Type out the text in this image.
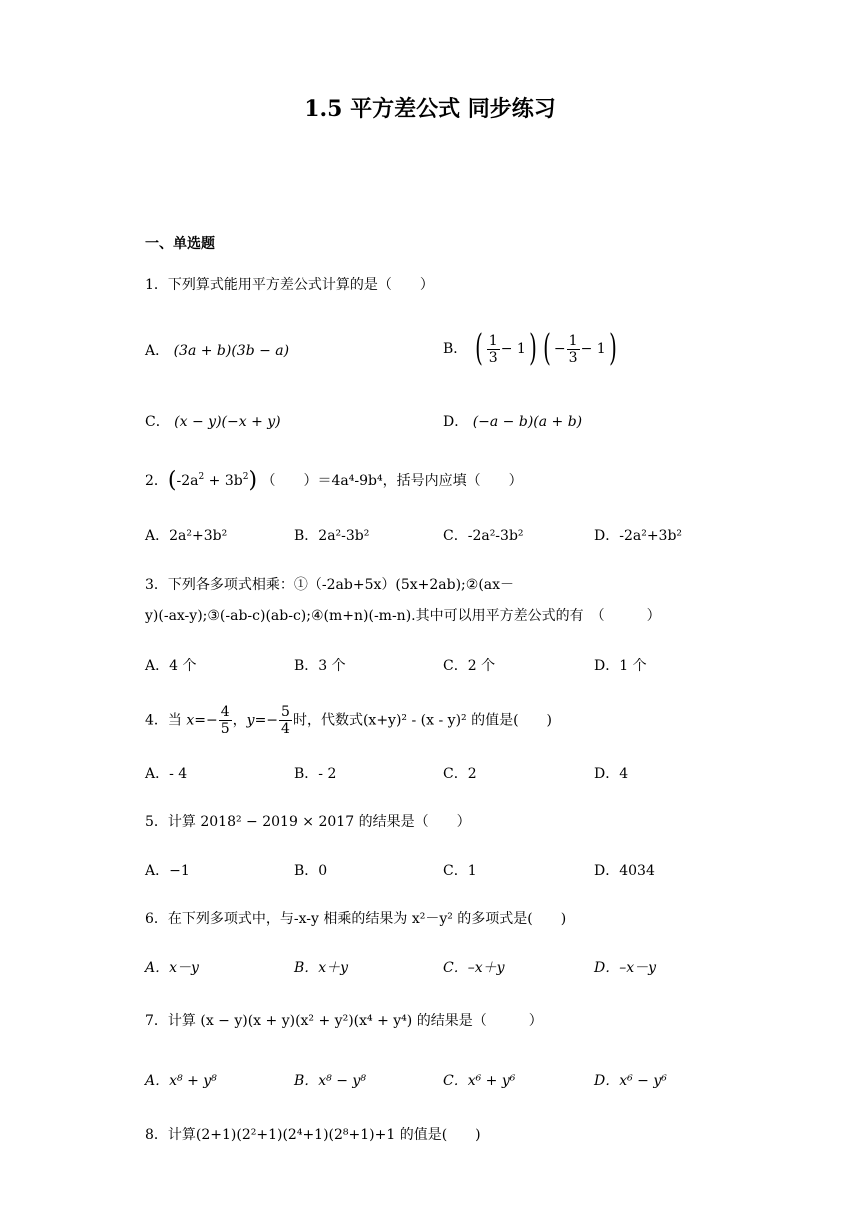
1.5 平方差公式 同步练习
一、单选题
1．下列算式能用平方差公式计算的是（　　）
A． (3a + b)(3b − a)	B． ( $\frac{1}{3} - 1$) ( − $\frac{1}{3} - 1$)
C． (x − y)(−x + y)	D． (−a − b)(a + b)
2．$(-2a^2 + 3b^2)$ （　　）＝4a⁴-9b⁴，括号内应填（　　）
A．2a²+3b²	B．2a²-3b²	C．-2a²-3b²	D．-2a²+3b²
3．下列各多项式相乘：①（-2ab+5x）(5x+2ab);②(ax－
y)(-ax-y);③(-ab-c)(ab-c);④(m+n)(-m-n).其中可以用平方差公式的有　（　　　）
A．4 个	B．3 个	C．2 个	D．1 个
4．当 $x=- \frac{4}{5}$ ，$y=- \frac{5}{4}$ 时，代数式(x+y)² ‐ (x ‐ y)² 的值是(　　)
A．‐ 4	B．‐ 2	C．2	D．4
5．计算 2018² − 2019 × 2017 的结果是（　　）
A．−1	B．0	C．1	D．4034
6．在下列多项式中，与-x-y 相乘的结果为 x²－y² 的多项式是(　　)
A．x－y	B．x＋y	C．–x＋y	D．–x－y
7．计算 (x − y)(x + y)(x² + y²)(x⁴ + y⁴) 的结果是（　　　）
A．x⁸ + y⁸	B．x⁸ − y⁸	C．x⁶ + y⁶	D．x⁶ − y⁶
8．计算(2+1)(2²+1)(2⁴+1)(2⁸+1)+1 的值是(　　)
